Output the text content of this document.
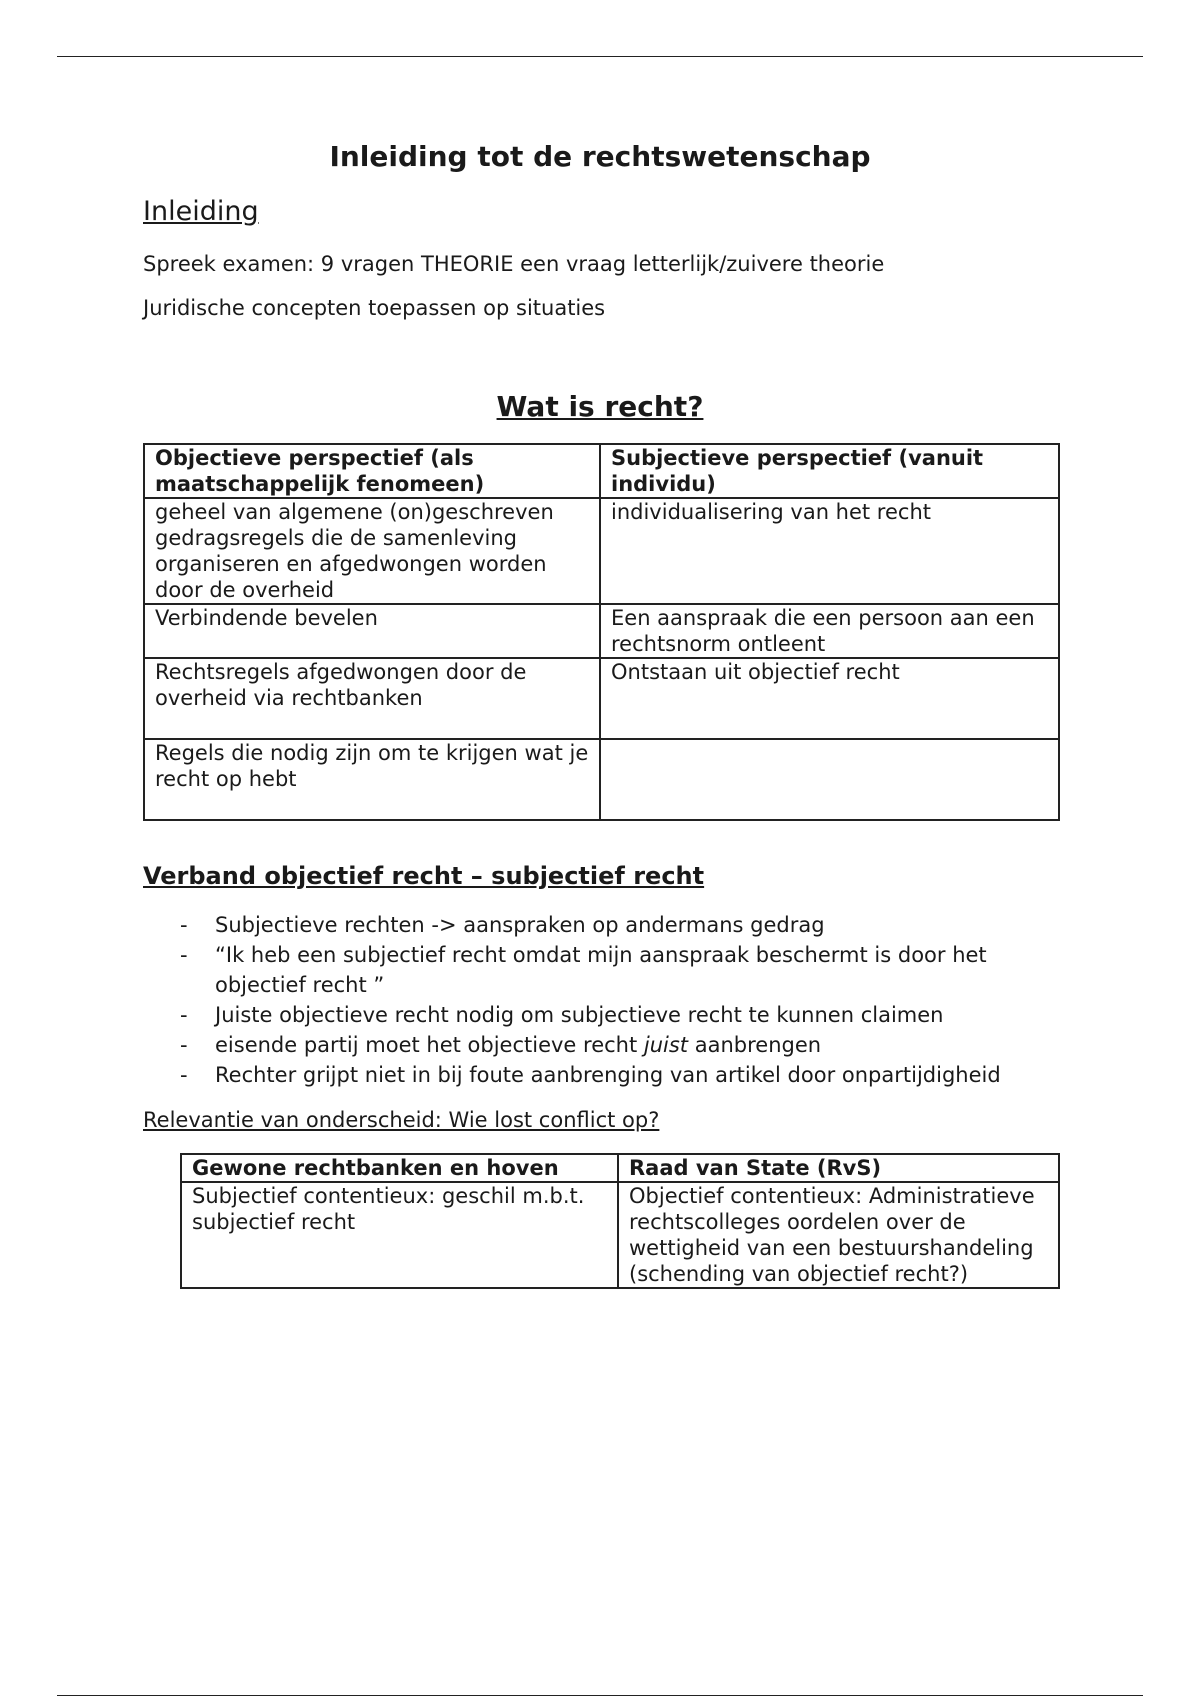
Inleiding tot de rechtswetenschap
Inleiding
Spreek examen: 9 vragen THEORIE een vraag letterlijk/zuivere theorie
Juridische concepten toepassen op situaties
Wat is recht?
Objectieve perspectief (als maatschappelijk fenomeen)	Subjectieve perspectief (vanuit individu)
geheel van algemene (on)geschreven gedragsregels die de samenleving organiseren en afgedwongen worden door de overheid	individualisering van het recht
Verbindende bevelen	Een aanspraak die een persoon aan een rechtsnorm ontleent
Rechtsregels afgedwongen door de overheid via rechtbanken	Ontstaan uit objectief recht
Regels die nodig zijn om te krijgen wat je recht op hebt	
Verband objectief recht – subjectief recht
- Subjectieve rechten -> aanspraken op andermans gedrag
- “Ik heb een subjectief recht omdat mijn aanspraak beschermt is door het objectief recht ”
- Juiste objectieve recht nodig om subjectieve recht te kunnen claimen
- eisende partij moet het objectieve recht juist aanbrengen
- Rechter grijpt niet in bij foute aanbrenging van artikel door onpartijdigheid
Relevantie van onderscheid: Wie lost conflict op?
Gewone rechtbanken en hoven	Raad van State (RvS)
Subjectief contentieux: geschil m.b.t. subjectief recht	Objectief contentieux: Administratieve rechtscolleges oordelen over de wettigheid van een bestuurshandeling (schending van objectief recht?)
